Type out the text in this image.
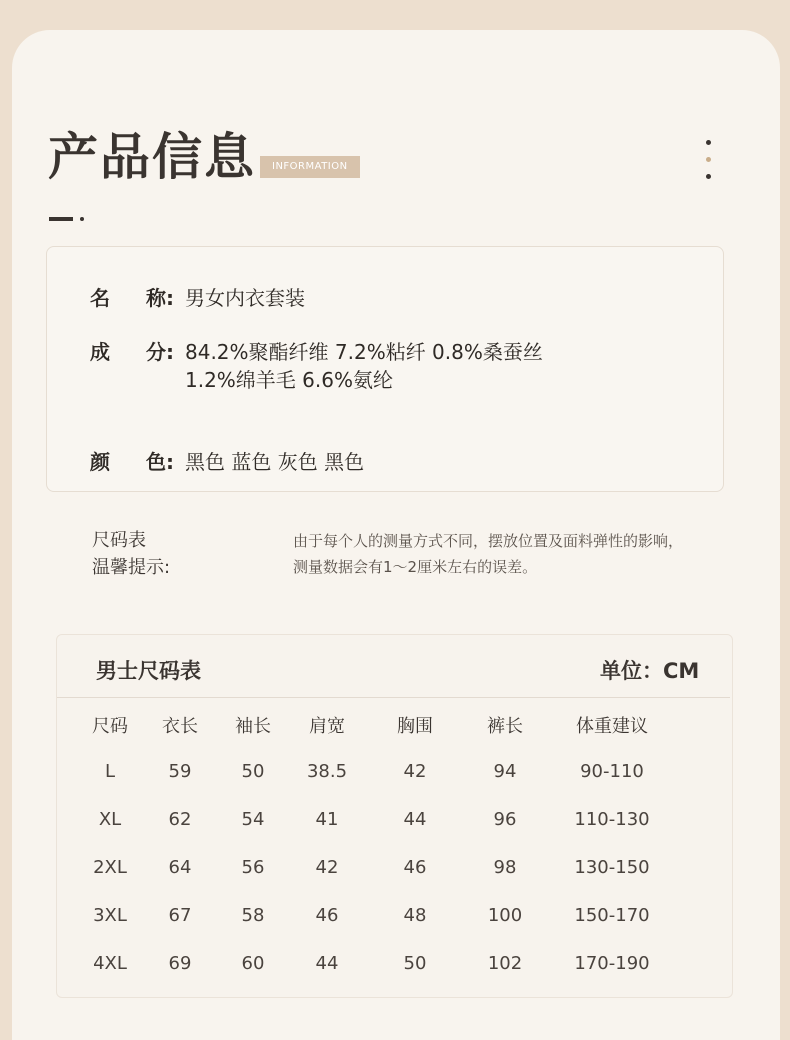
产品信息	INFORMATION
名	称: 男女内衣套装
成	分: 84.2%聚酯纤维 7.2%粘纤 0.8%桑蚕丝
1.2%绵羊毛 6.6%氨纶
颜	色: 黑色 蓝色 灰色 黑色
尺码表
温馨提示:
由于每个人的测量方式不同，摆放位置及面料弹性的影响，
测量数据会有1～2厘米左右的误差。
男士尺码表	单位：CM
尺码	衣长	袖长	肩宽	胸围	裤长	体重建议
L	59	50	38.5	42	94	90-110
XL	62	54	41	44	96	110-130
2XL	64	56	42	46	98	130-150
3XL	67	58	46	48	100	150-170
4XL	69	60	44	50	102	170-190
